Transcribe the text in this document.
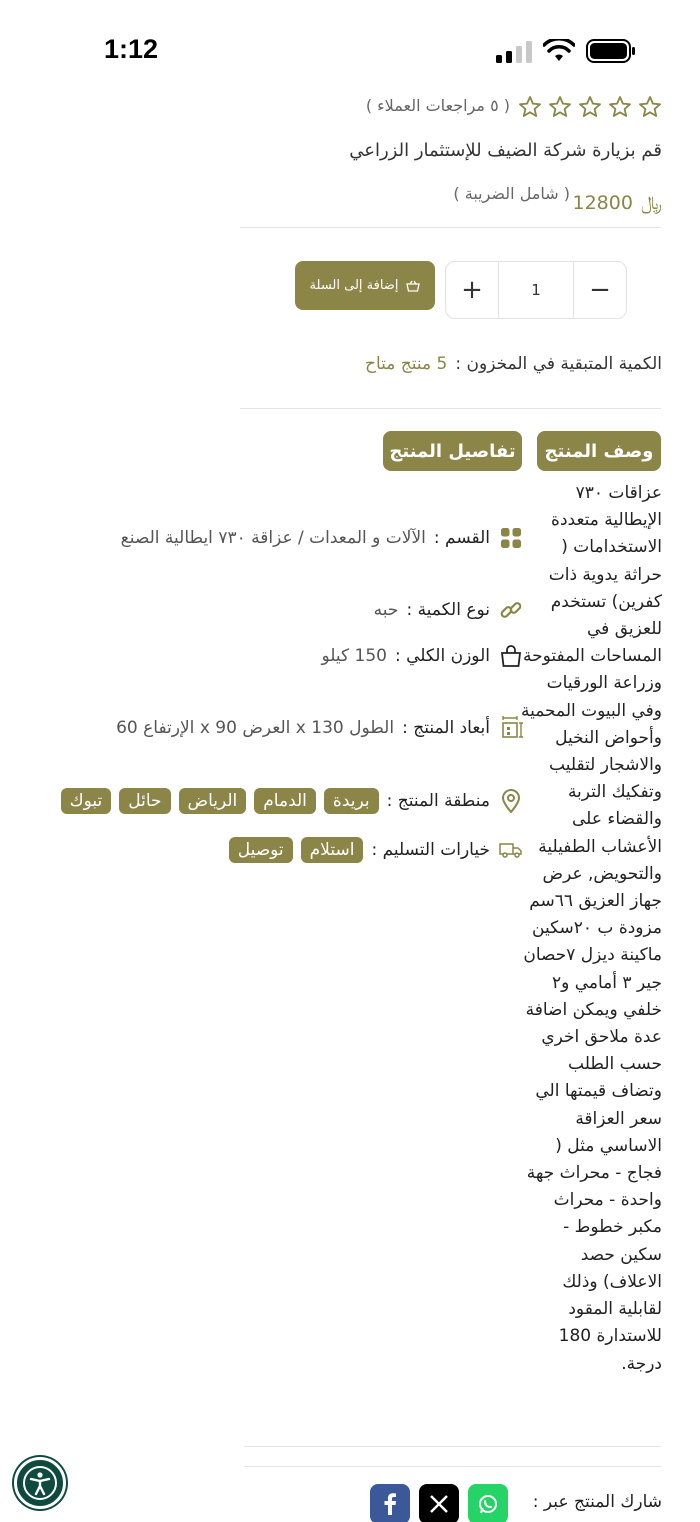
1:12
( ٥ مراجعات العملاء )
قم بزيارة شركة الضيف للإستثمار الزراعي
﷼
12800
( شامل الضريبة )
+	1	−
إضافة إلى السلة
الكمية المتبقية في المخزون :
5 منتج متاح
وصف المنتج
تفاصيل المنتج
عزاقات ٧٣٠ الإيطالية متعددة الاستخدامات ( حراثة يدوية ذات كفرين) تستخدم للعزيق في المساحات المفتوحة وزراعة الورقيات وفي البيوت المحمية وأحواض النخيل والاشجار لتقليب وتفكيك التربة والقضاء على الأعشاب الطفيلية والتحويض, عرض جهاز العزيق ٦٦سم مزودة ب ٢٠سكين ماكينة ديزل ٧حصان جير ٣ أمامي و٢ خلفي ويمكن اضافة عدة ملاحق اخري حسب الطلب وتضاف قيمتها الي سعر العزاقة الاساسي مثل ( فجاج - محراث جهة واحدة - محراث مكبر خطوط - سكين حصد الاعلاف) وذلك لقابلية المقود للاستدارة 180 درجة.
القسم :
الآلات و المعدات / عزاقة ٧٣٠ ايطالية الصنع
نوع الكمية :
حبه
الوزن الكلي :
150 كيلو
أبعاد المنتج :
الطول 130 x العرض 90 x الإرتفاع 60
منطقة المنتج :
بريدة
الدمام
الرياض
حائل
تبوك
خيارات التسليم :
استلام
توصيل
شارك المنتج عبر :
